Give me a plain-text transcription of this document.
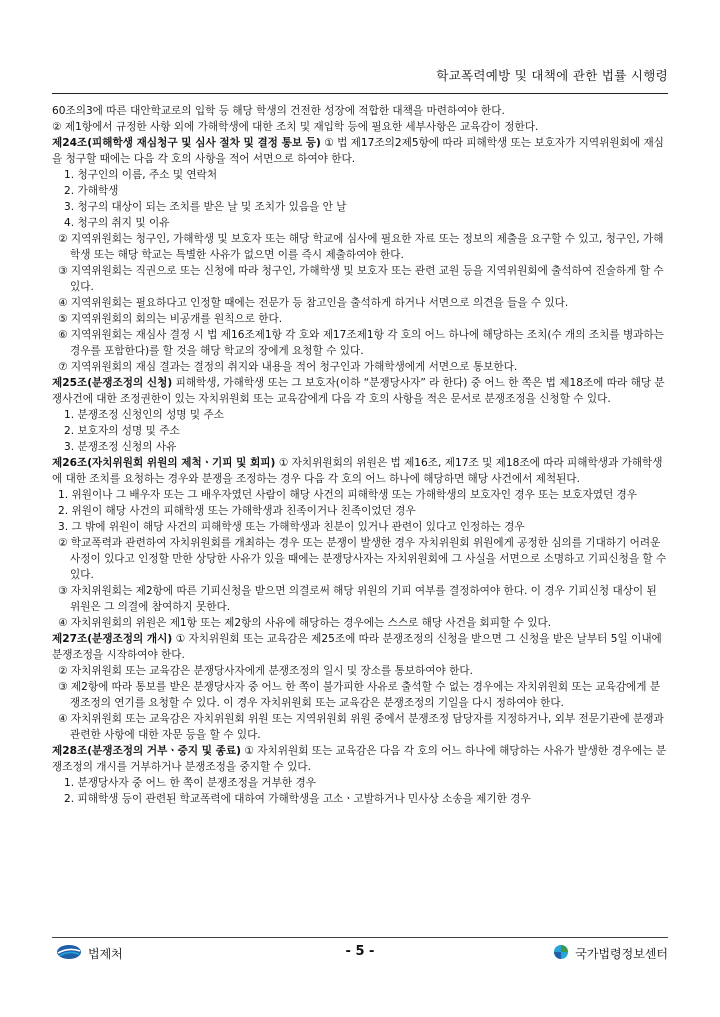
학교폭력예방 및 대책에 관한 법률 시행령

60조의3에 따른 대안학교로의 입학 등 해당 학생의 건전한 성장에 적합한 대책을 마련하여야 한다.

② 제1항에서 규정한 사항 외에 가해학생에 대한 조치 및 재입학 등에 필요한 세부사항은 교육감이 정한다.

제24조(피해학생 재심청구 및 심사 절차 및 결정 통보 등) ① 법 제17조의2제5항에 따라 피해학생 또는 보호자가 지역위원회에 재심을 청구할 때에는 다음 각 호의 사항을 적어 서면으로 하여야 한다.

1. 청구인의 이름, 주소 및 연락처

2. 가해학생

3. 청구의 대상이 되는 조치를 받은 날 및 조치가 있음을 안 날

4. 청구의 취지 및 이유

② 지역위원회는 청구인, 가해학생 및 보호자 또는 해당 학교에 심사에 필요한 자료 또는 정보의 제출을 요구할 수 있고, 청구인, 가해학생 또는 해당 학교는 특별한 사유가 없으면 이를 즉시 제출하여야 한다.

③ 지역위원회는 직권으로 또는 신청에 따라 청구인, 가해학생 및 보호자 또는 관련 교원 등을 지역위원회에 출석하여 진술하게 할 수 있다.

④ 지역위원회는 필요하다고 인정할 때에는 전문가 등 참고인을 출석하게 하거나 서면으로 의견을 들을 수 있다.

⑤ 지역위원회의 회의는 비공개를 원칙으로 한다.

⑥ 지역위원회는 재심사 결정 시 법 제16조제1항 각 호와 제17조제1항 각 호의 어느 하나에 해당하는 조치(수 개의 조치를 병과하는 경우를 포함한다)를 할 것을 해당 학교의 장에게 요청할 수 있다.

⑦ 지역위원회의 재심 결과는 결정의 취지와 내용을 적어 청구인과 가해학생에게 서면으로 통보한다.

제25조(분쟁조정의 신청) 피해학생, 가해학생 또는 그 보호자(이하 “분쟁당사자” 라 한다) 중 어느 한 쪽은 법 제18조에 따라 해당 분쟁사건에 대한 조정권한이 있는 자치위원회 또는 교육감에게 다음 각 호의 사항을 적은 문서로 분쟁조정을 신청할 수 있다.

1. 분쟁조정 신청인의 성명 및 주소

2. 보호자의 성명 및 주소

3. 분쟁조정 신청의 사유

제26조(자치위원회 위원의 제척ㆍ기피 및 회피) ① 자치위원회의 위원은 법 제16조, 제17조 및 제18조에 따라 피해학생과 가해학생에 대한 조치를 요청하는 경우와 분쟁을 조정하는 경우 다음 각 호의 어느 하나에 해당하면 해당 사건에서 제척된다.

1. 위원이나 그 배우자 또는 그 배우자였던 사람이 해당 사건의 피해학생 또는 가해학생의 보호자인 경우 또는 보호자였던 경우

2. 위원이 해당 사건의 피해학생 또는 가해학생과 친족이거나 친족이었던 경우

3. 그 밖에 위원이 해당 사건의 피해학생 또는 가해학생과 친분이 있거나 관련이 있다고 인정하는 경우

② 학교폭력과 관련하여 자치위원회를 개최하는 경우 또는 분쟁이 발생한 경우 자치위원회 위원에게 공정한 심의를 기대하기 어려운 사정이 있다고 인정할 만한 상당한 사유가 있을 때에는 분쟁당사자는 자치위원회에 그 사실을 서면으로 소명하고 기피신청을 할 수 있다.

③ 자치위원회는 제2항에 따른 기피신청을 받으면 의결로써 해당 위원의 기피 여부를 결정하여야 한다. 이 경우 기피신청 대상이 된 위원은 그 의결에 참여하지 못한다.

④ 자치위원회의 위원은 제1항 또는 제2항의 사유에 해당하는 경우에는 스스로 해당 사건을 회피할 수 있다.

제27조(분쟁조정의 개시) ① 자치위원회 또는 교육감은 제25조에 따라 분쟁조정의 신청을 받으면 그 신청을 받은 날부터 5일 이내에 분쟁조정을 시작하여야 한다.

② 자치위원회 또는 교육감은 분쟁당사자에게 분쟁조정의 일시 및 장소를 통보하여야 한다.

③ 제2항에 따라 통보를 받은 분쟁당사자 중 어느 한 쪽이 불가피한 사유로 출석할 수 없는 경우에는 자치위원회 또는 교육감에게 분쟁조정의 연기를 요청할 수 있다. 이 경우 자치위원회 또는 교육감은 분쟁조정의 기일을 다시 정하여야 한다.

④ 자치위원회 또는 교육감은 자치위원회 위원 또는 지역위원회 위원 중에서 분쟁조정 담당자를 지정하거나, 외부 전문기관에 분쟁과 관련한 사항에 대한 자문 등을 할 수 있다.

제28조(분쟁조정의 거부ㆍ중지 및 종료) ① 자치위원회 또는 교육감은 다음 각 호의 어느 하나에 해당하는 사유가 발생한 경우에는 분쟁조정의 개시를 거부하거나 분쟁조정을 중지할 수 있다.

1. 분쟁당사자 중 어느 한 쪽이 분쟁조정을 거부한 경우

2. 피해학생 등이 관련된 학교폭력에 대하여 가해학생을 고소ㆍ고발하거나 민사상 소송을 제기한 경우

법제처	- 5 -	국가법령정보센터
